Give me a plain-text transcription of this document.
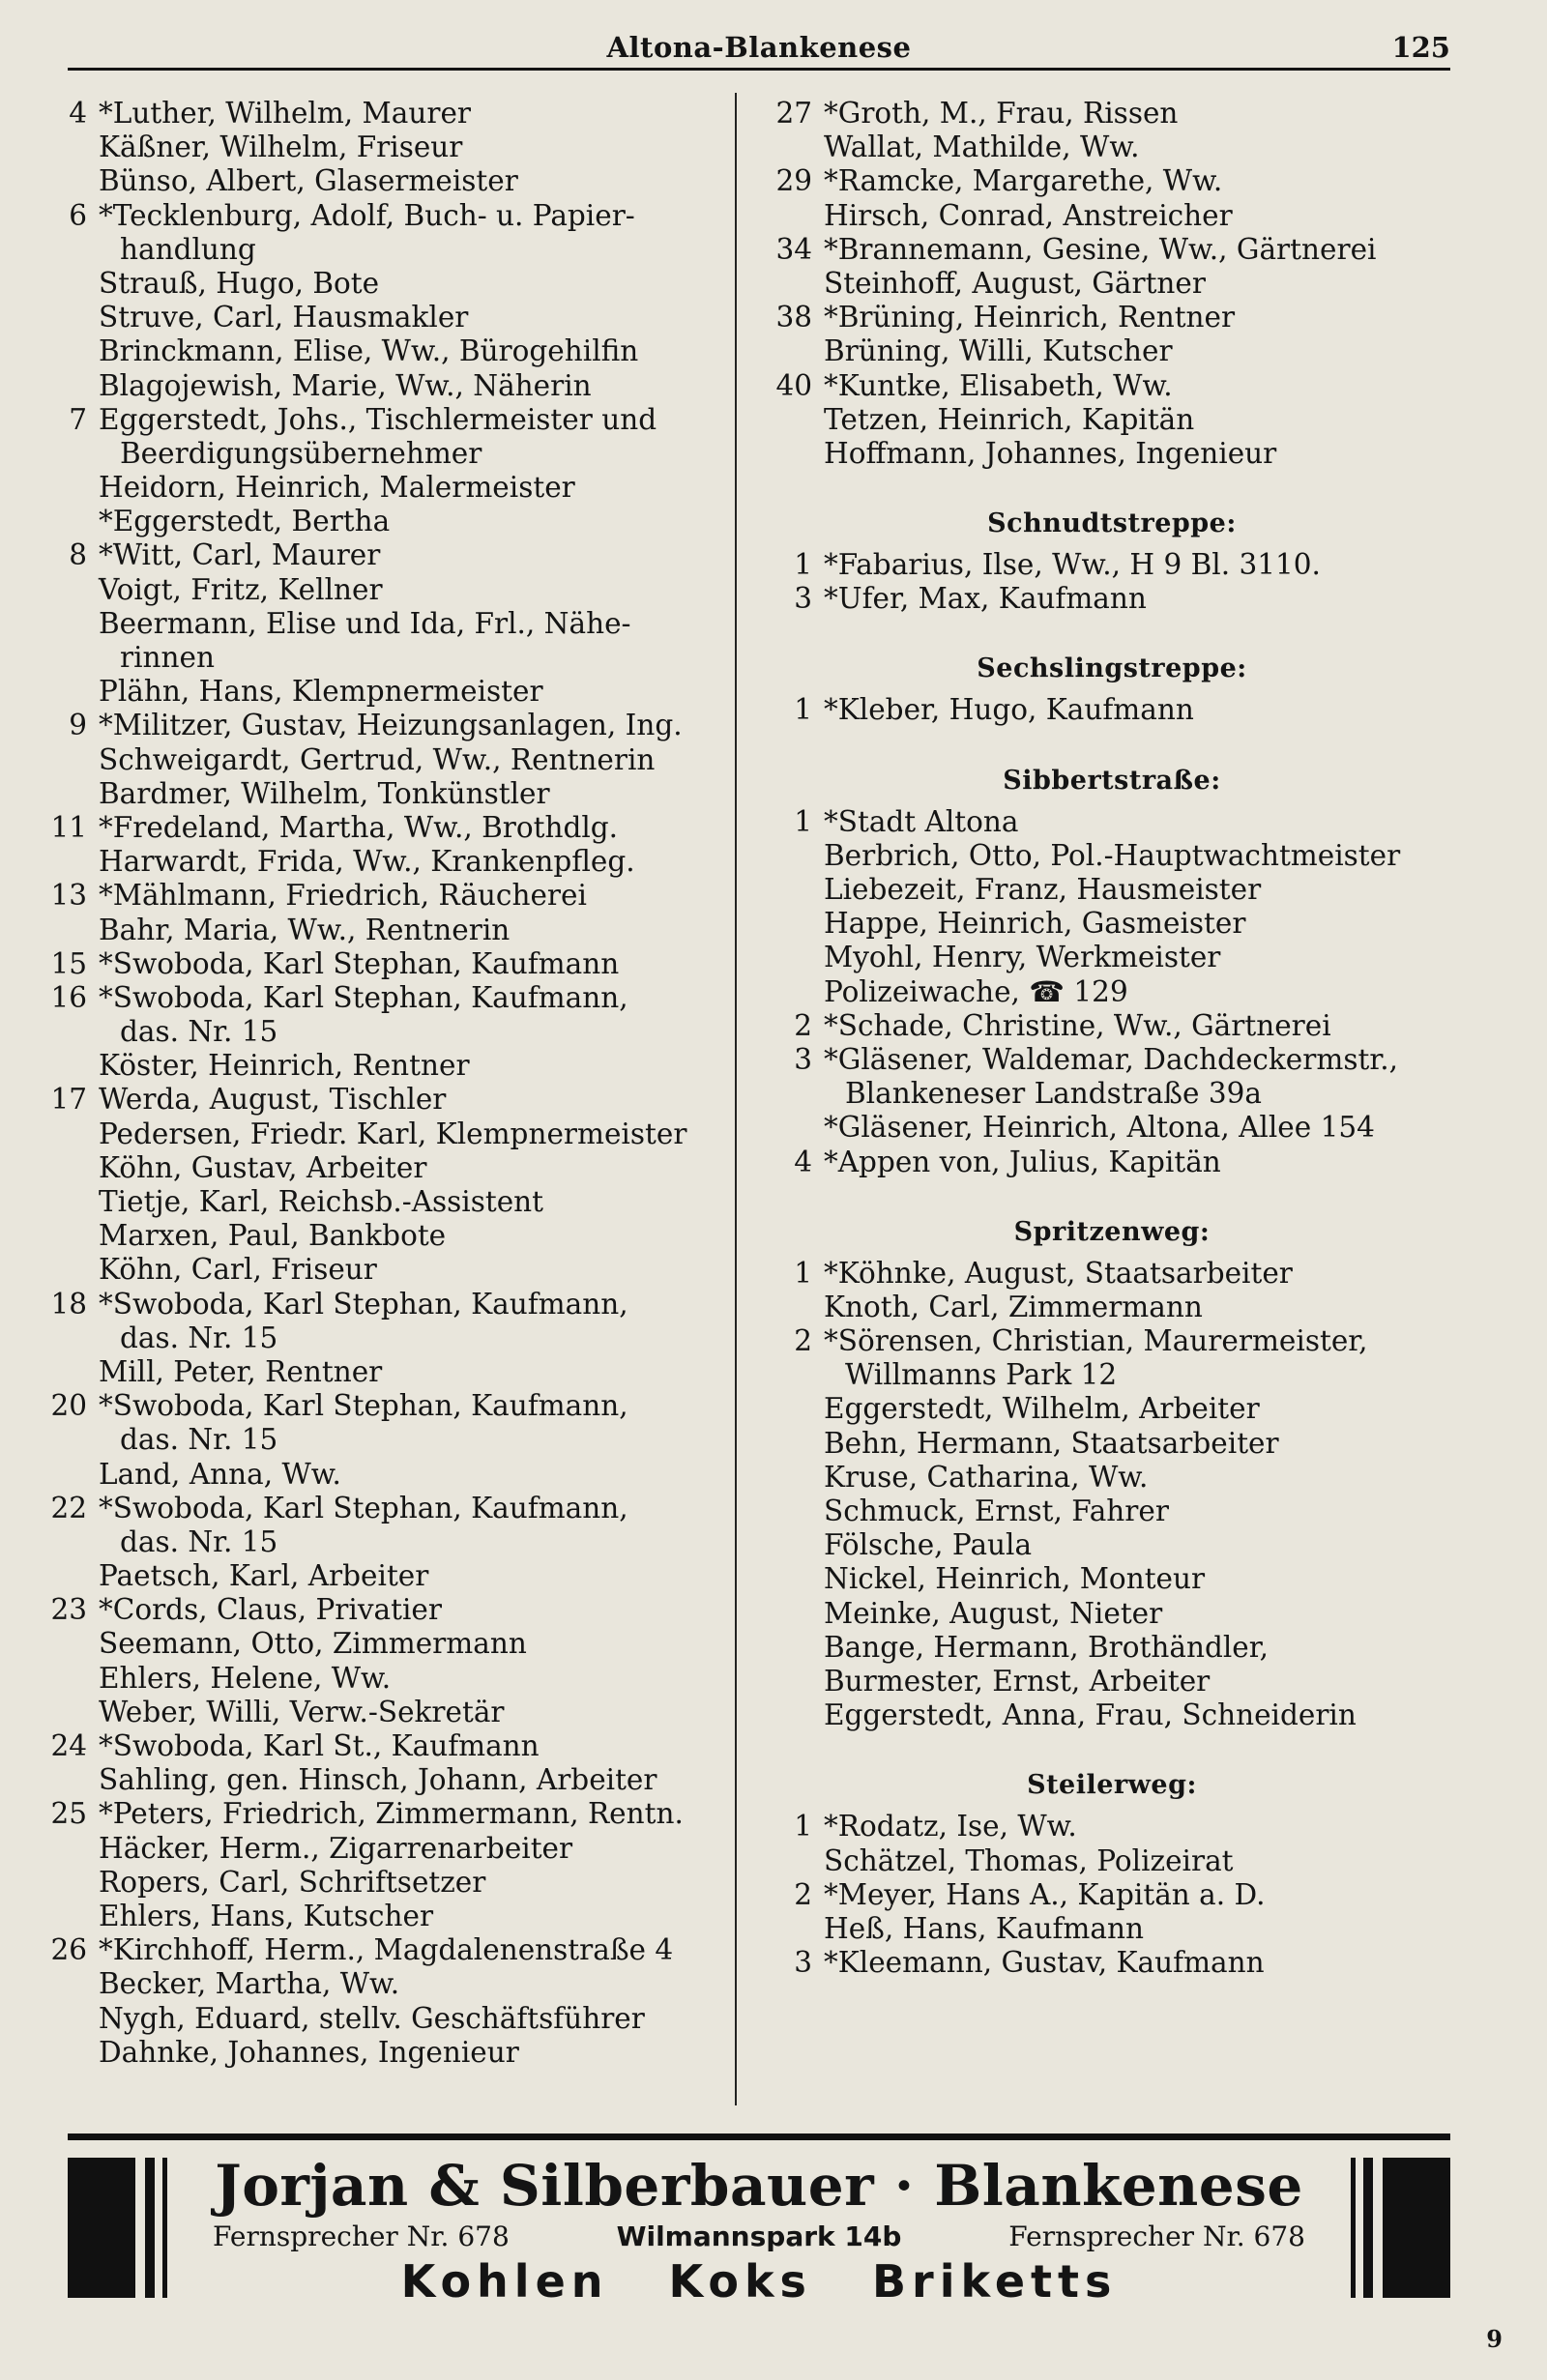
Altona-Blankenese	125
4 *Luther, Wilhelm, Maurer
Käßner, Wilhelm, Friseur
Bünso, Albert, Glasermeister
6 *Tecklenburg, Adolf, Buch- u. Papier-
handlung
Strauß, Hugo, Bote
Struve, Carl, Hausmakler
Brinckmann, Elise, Ww., Bürogehilfin
Blagojewish, Marie, Ww., Näherin
7 Eggerstedt, Johs., Tischlermeister und
Beerdigungsübernehmer
Heidorn, Heinrich, Malermeister
*Eggerstedt, Bertha
8 *Witt, Carl, Maurer
Voigt, Fritz, Kellner
Beermann, Elise und Ida, Frl., Nähe-
rinnen
Plähn, Hans, Klempnermeister
9 *Militzer, Gustav, Heizungsanlagen, Ing.
Schweigardt, Gertrud, Ww., Rentnerin
Bardmer, Wilhelm, Tonkünstler
11 *Fredeland, Martha, Ww., Brothdlg.
Harwardt, Frida, Ww., Krankenpfleg.
13 *Mählmann, Friedrich, Räucherei
Bahr, Maria, Ww., Rentnerin
15 *Swoboda, Karl Stephan, Kaufmann
16 *Swoboda, Karl Stephan, Kaufmann,
das. Nr. 15
Köster, Heinrich, Rentner
17 Werda, August, Tischler
Pedersen, Friedr. Karl, Klempnermeister
Köhn, Gustav, Arbeiter
Tietje, Karl, Reichsb.-Assistent
Marxen, Paul, Bankbote
Köhn, Carl, Friseur
18 *Swoboda, Karl Stephan, Kaufmann,
das. Nr. 15
Mill, Peter, Rentner
20 *Swoboda, Karl Stephan, Kaufmann,
das. Nr. 15
Land, Anna, Ww.
22 *Swoboda, Karl Stephan, Kaufmann,
das. Nr. 15
Paetsch, Karl, Arbeiter
23 *Cords, Claus, Privatier
Seemann, Otto, Zimmermann
Ehlers, Helene, Ww.
Weber, Willi, Verw.-Sekretär
24 *Swoboda, Karl St., Kaufmann
Sahling, gen. Hinsch, Johann, Arbeiter
25 *Peters, Friedrich, Zimmermann, Rentn.
Häcker, Herm., Zigarrenarbeiter
Ropers, Carl, Schriftsetzer
Ehlers, Hans, Kutscher
26 *Kirchhoff, Herm., Magdalenenstraße 4
Becker, Martha, Ww.
Nygh, Eduard, stellv. Geschäftsführer
Dahnke, Johannes, Ingenieur
27 *Groth, M., Frau, Rissen
Wallat, Mathilde, Ww.
29 *Ramcke, Margarethe, Ww.
Hirsch, Conrad, Anstreicher
34 *Brannemann, Gesine, Ww., Gärtnerei
Steinhoff, August, Gärtner
38 *Brüning, Heinrich, Rentner
Brüning, Willi, Kutscher
40 *Kuntke, Elisabeth, Ww.
Tetzen, Heinrich, Kapitän
Hoffmann, Johannes, Ingenieur
Schnudtstreppe:
1 *Fabarius, Ilse, Ww., H 9 Bl. 3110.
3 *Ufer, Max, Kaufmann
Sechslingstreppe:
1 *Kleber, Hugo, Kaufmann
Sibbertstraße:
1 *Stadt Altona
Berbrich, Otto, Pol.-Hauptwachtmeister
Liebezeit, Franz, Hausmeister
Happe, Heinrich, Gasmeister
Myohl, Henry, Werkmeister
Polizeiwache, ☎ 129
2 *Schade, Christine, Ww., Gärtnerei
3 *Gläsener, Waldemar, Dachdeckermstr.,
Blankeneser Landstraße 39a
*Gläsener, Heinrich, Altona, Allee 154
4 *Appen von, Julius, Kapitän
Spritzenweg:
1 *Köhnke, August, Staatsarbeiter
Knoth, Carl, Zimmermann
2 *Sörensen, Christian, Maurermeister,
Willmanns Park 12
Eggerstedt, Wilhelm, Arbeiter
Behn, Hermann, Staatsarbeiter
Kruse, Catharina, Ww.
Schmuck, Ernst, Fahrer
Fölsche, Paula
Nickel, Heinrich, Monteur
Meinke, August, Nieter
Bange, Hermann, Brothändler,
Burmester, Ernst, Arbeiter
Eggerstedt, Anna, Frau, Schneiderin
Steilerweg:
1 *Rodatz, Ise, Ww.
Schätzel, Thomas, Polizeirat
2 *Meyer, Hans A., Kapitän a. D.
Heß, Hans, Kaufmann
3 *Kleemann, Gustav, Kaufmann
Jorjan & Silberbauer · Blankenese
Fernsprecher Nr. 678	Wilmannspark 14b	Fernsprecher Nr. 678
Kohlen Koks Briketts
9
